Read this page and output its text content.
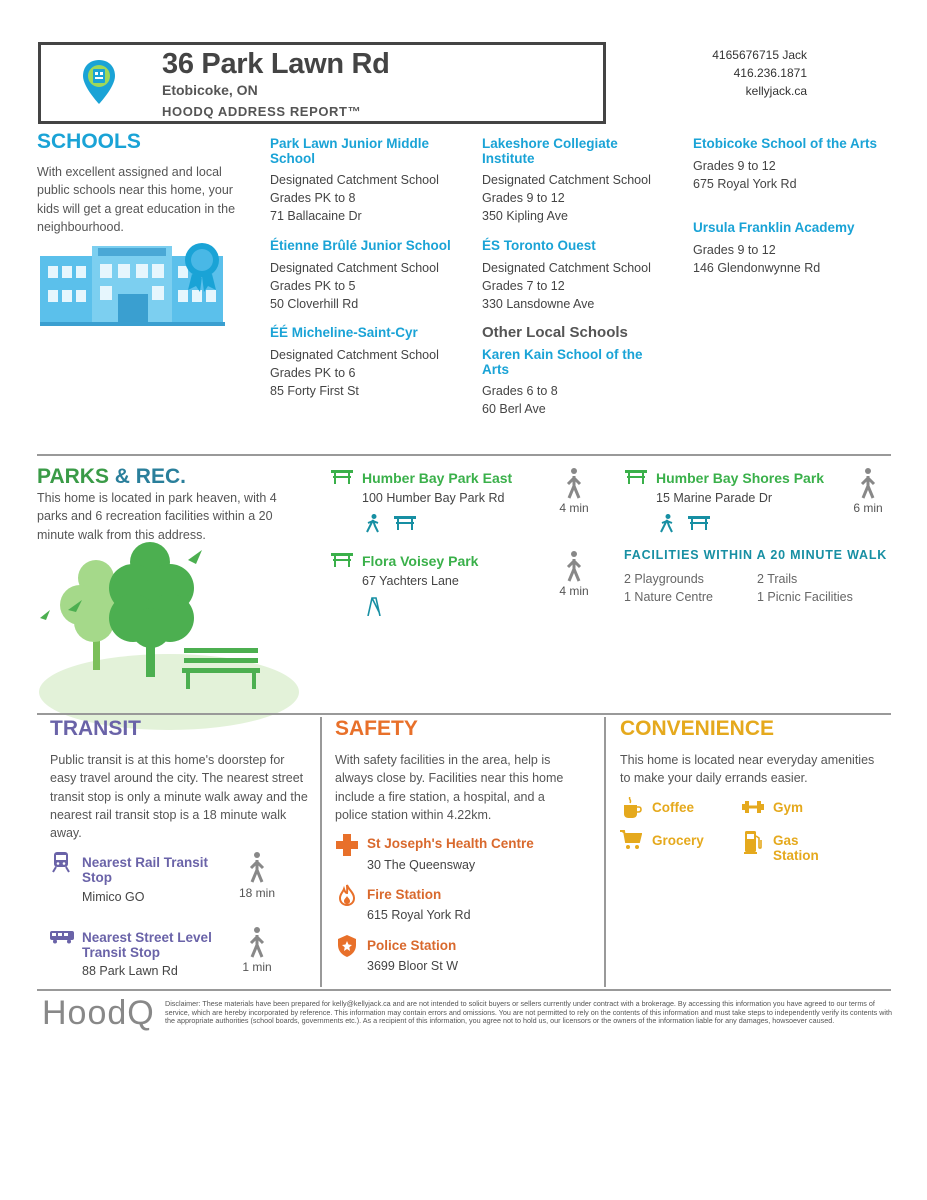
36 Park Lawn Rd
Etobicoke, ON
HOODQ ADDRESS REPORT™
4165676715 Jack
416.236.1871
kellyjack.ca
SCHOOLS
With excellent assigned and local public schools near this home, your kids will get a great education in the neighbourhood.
Park Lawn Junior Middle School
Designated Catchment School
Grades PK to 8
71 Ballacaine Dr
Étienne Brûlé Junior School
Designated Catchment School
Grades PK to 5
50 Cloverhill Rd
ÉÉ Micheline-Saint-Cyr
Designated Catchment School
Grades PK to 6
85 Forty First St
Lakeshore Collegiate Institute
Designated Catchment School
Grades 9 to 12
350 Kipling Ave
ÉS Toronto Ouest
Designated Catchment School
Grades 7 to 12
330 Lansdowne Ave
Other Local Schools
Karen Kain School of the Arts
Grades 6 to 8
60 Berl Ave
Etobicoke School of the Arts
Grades 9 to 12
675 Royal York Rd
Ursula Franklin Academy
Grades 9 to 12
146 Glendonwynne Rd
PARKS & REC.
This home is located in park heaven, with 4 parks and 6 recreation facilities within a 20 minute walk from this address.
Humber Bay Park East
100 Humber Bay Park Rd
4 min
Flora Voisey Park
67 Yachters Lane
4 min
Humber Bay Shores Park
15 Marine Parade Dr
6 min
FACILITIES WITHIN A 20 MINUTE WALK
2 Playgrounds	2 Trails
1 Nature Centre	1 Picnic Facilities
TRANSIT
Public transit is at this home's doorstep for easy travel around the city. The nearest street transit stop is only a minute walk away and the nearest rail transit stop is a 18 minute walk away.
Nearest Rail Transit Stop
Mimico GO	18 min
Nearest Street Level Transit Stop
88 Park Lawn Rd	1 min
SAFETY
With safety facilities in the area, help is always close by. Facilities near this home include a fire station, a hospital, and a police station within 4.22km.
St Joseph's Health Centre
30 The Queensway
Fire Station
615 Royal York Rd
Police Station
3699 Bloor St W
CONVENIENCE
This home is located near everyday amenities to make your daily errands easier.
Coffee	Gym
Grocery	Gas Station
HoodQ Disclaimer: These materials have been prepared for kelly@kellyjack.ca and are not intended to solicit buyers or sellers currently under contract with a brokerage. By accessing this information you have agreed to our terms of service, which are hereby incorporated by reference. This information may contain errors and omissions. You are not permitted to rely on the contents of this information and must take steps to independently verify its contents with the appropriate authorities (school boards, governments etc.). As a recipient of this information, you agree not to hold us, our licensors or the owners of the information liable for any damages, howsoever caused.
